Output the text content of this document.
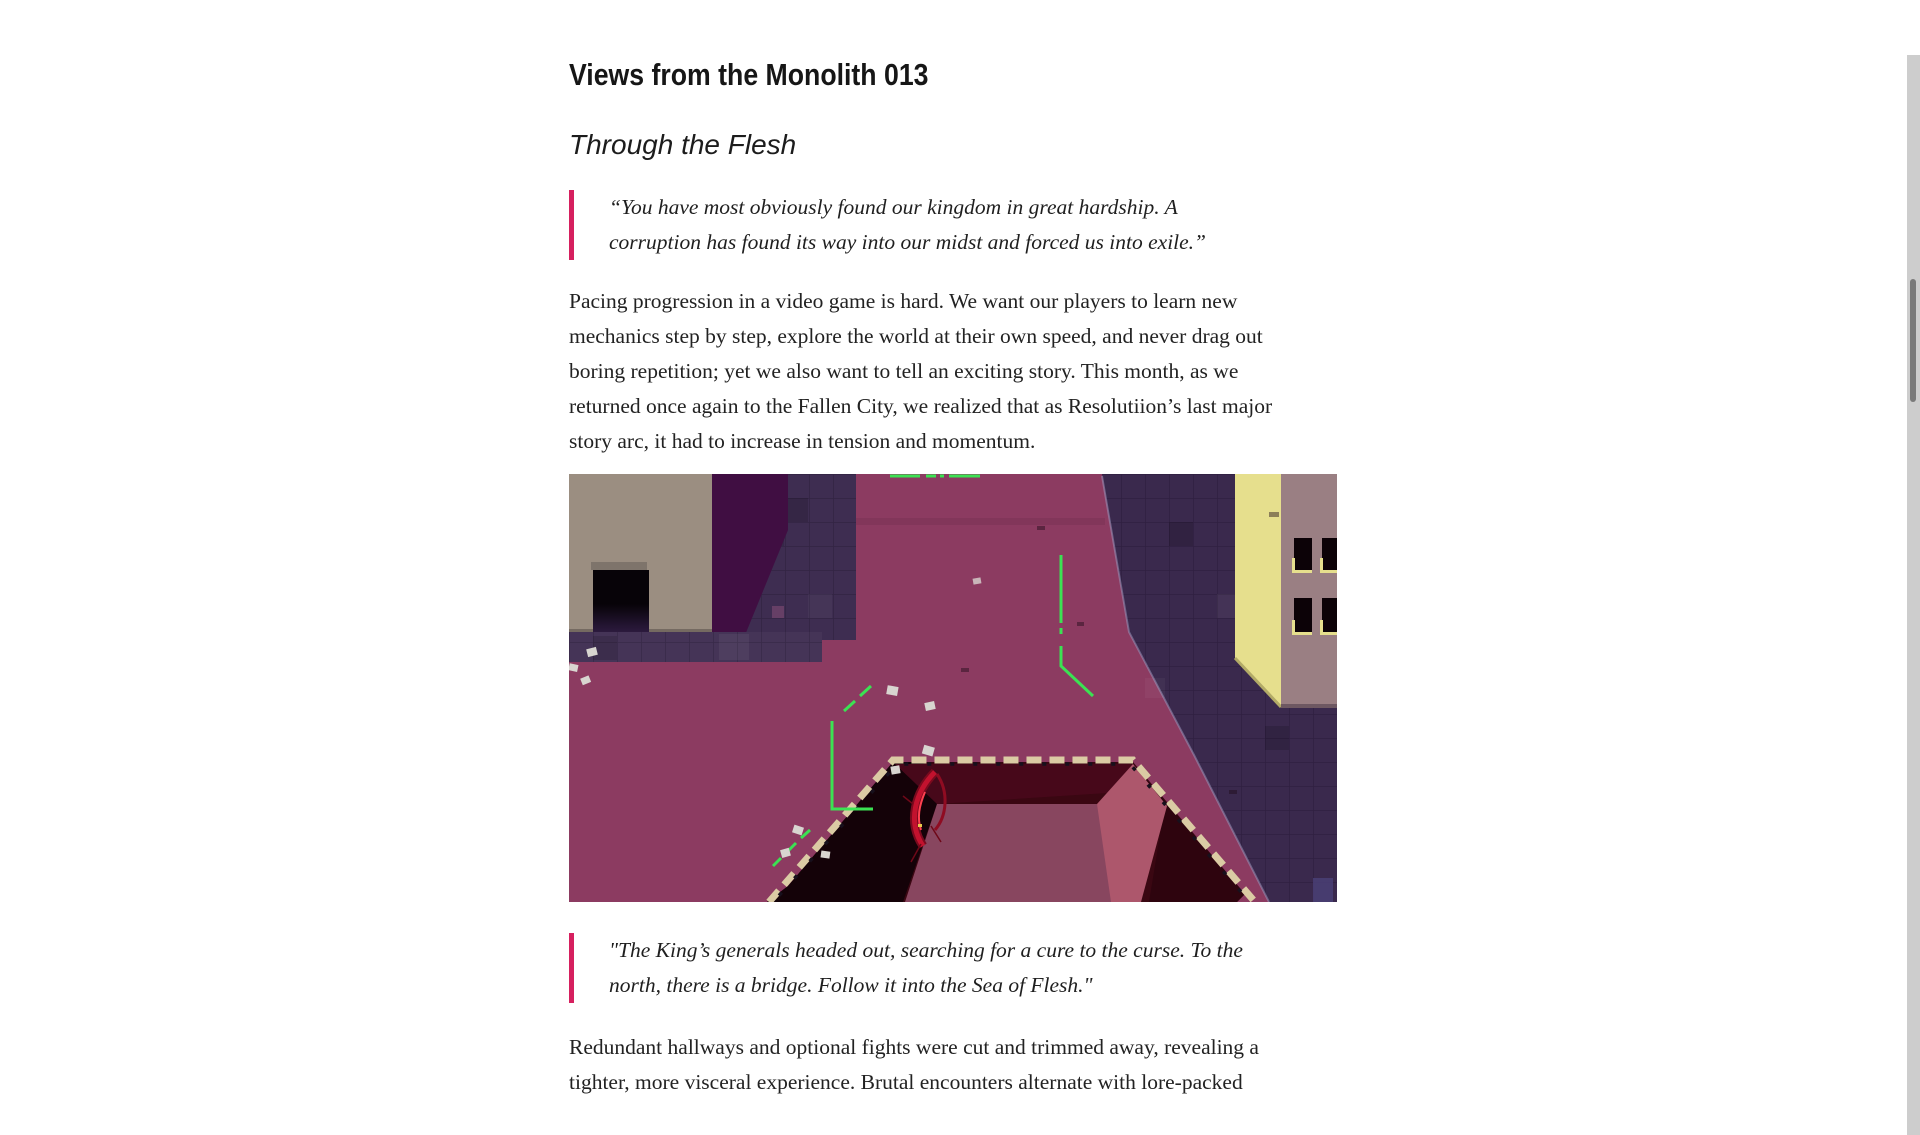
Views from the Monolith 013
Through the Flesh
“You have most obviously found our kingdom in great hardship. A
corruption has found its way into our midst and forced us into exile.”

Pacing progression in a video game is hard. We want our players to learn new
mechanics step by step, explore the world at their own speed, and never drag out
boring repetition; yet we also want to tell an exciting story. This month, as we
returned once again to the Fallen City, we realized that as Resolutiion’s last major
story arc, it had to increase in tension and momentum.

"The King’s generals headed out, searching for a cure to the curse. To the
north, there is a bridge. Follow it into the Sea of Flesh."

Redundant hallways and optional fights were cut and trimmed away, revealing a
tighter, more visceral experience. Brutal encounters alternate with lore-packed
